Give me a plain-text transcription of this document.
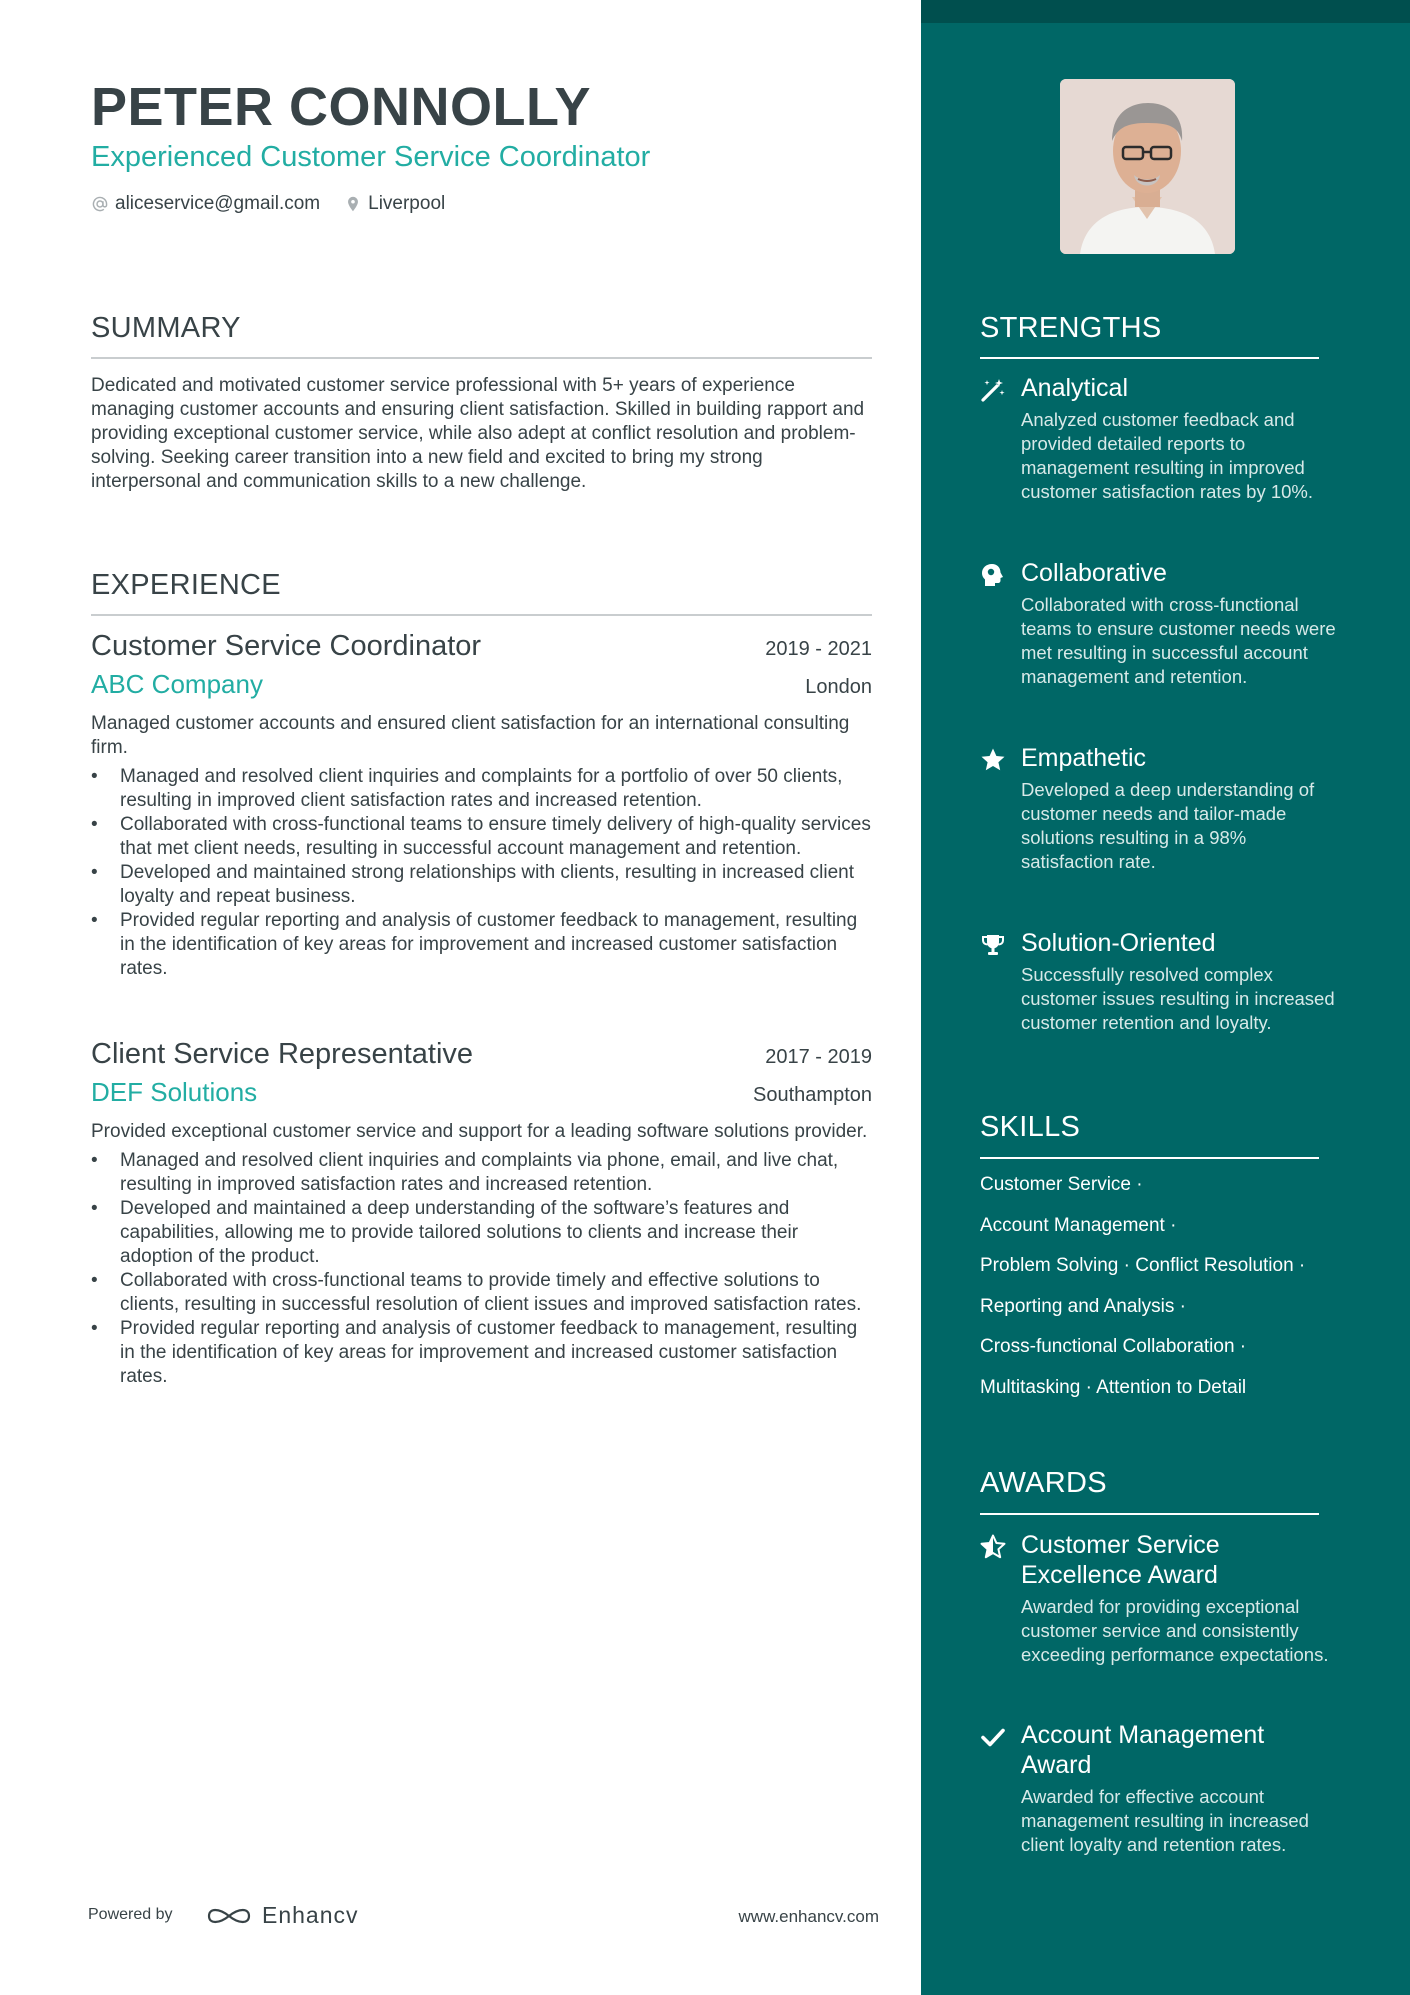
PETER CONNOLLY
Experienced Customer Service Coordinator
aliceservice@gmail.com	Liverpool
SUMMARY
Dedicated and motivated customer service professional with 5+ years of experience managing customer accounts and ensuring client satisfaction. Skilled in building rapport and providing exceptional customer service, while also adept at conflict resolution and problem-solving. Seeking career transition into a new field and excited to bring my strong interpersonal and communication skills to a new challenge.
EXPERIENCE
Customer Service Coordinator	2019 - 2021
ABC Company	London
Managed customer accounts and ensured client satisfaction for an international consulting firm.
• Managed and resolved client inquiries and complaints for a portfolio of over 50 clients, resulting in improved client satisfaction rates and increased retention.
• Collaborated with cross-functional teams to ensure timely delivery of high-quality services that met client needs, resulting in successful account management and retention.
• Developed and maintained strong relationships with clients, resulting in increased client loyalty and repeat business.
• Provided regular reporting and analysis of customer feedback to management, resulting in the identification of key areas for improvement and increased customer satisfaction rates.
Client Service Representative	2017 - 2019
DEF Solutions	Southampton
Provided exceptional customer service and support for a leading software solutions provider.
• Managed and resolved client inquiries and complaints via phone, email, and live chat, resulting in improved satisfaction rates and increased retention.
• Developed and maintained a deep understanding of the software’s features and capabilities, allowing me to provide tailored solutions to clients and increase their adoption of the product.
• Collaborated with cross-functional teams to provide timely and effective solutions to clients, resulting in successful resolution of client issues and improved satisfaction rates.
• Provided regular reporting and analysis of customer feedback to management, resulting in the identification of key areas for improvement and increased customer satisfaction rates.
Powered by	Enhancv	www.enhancv.com
STRENGTHS
Analytical
Analyzed customer feedback and provided detailed reports to management resulting in improved customer satisfaction rates by 10%.
Collaborative
Collaborated with cross-functional teams to ensure customer needs were met resulting in successful account management and retention.
Empathetic
Developed a deep understanding of customer needs and tailor-made solutions resulting in a 98% satisfaction rate.
Solution-Oriented
Successfully resolved complex customer issues resulting in increased customer retention and loyalty.
SKILLS
Customer Service ·
Account Management ·
Problem Solving · Conflict Resolution ·
Reporting and Analysis ·
Cross-functional Collaboration ·
Multitasking · Attention to Detail
AWARDS
Customer Service Excellence Award
Awarded for providing exceptional customer service and consistently exceeding performance expectations.
Account Management Award
Awarded for effective account management resulting in increased client loyalty and retention rates.
